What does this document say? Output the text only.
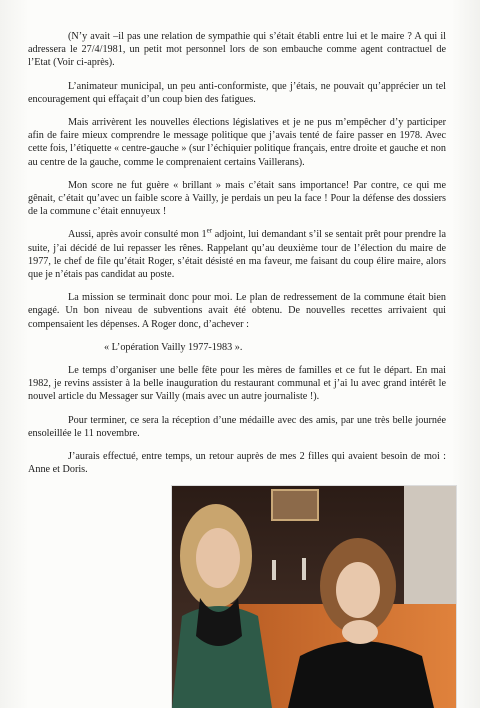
(N’y avait –il pas une relation de sympathie qui s’était établi entre lui et le maire ? A qui il adressera le 27/4/1981, un petit mot personnel lors de son embauche comme agent contractuel de l’Etat (Voir ci-après).

L’animateur municipal, un peu anti-conformiste, que j’étais, ne pouvait qu’apprécier un tel encouragement qui effaçait d’un coup bien des fatigues.

Mais arrivèrent les nouvelles élections législatives et je ne pus m’empêcher d’y participer afin de faire mieux comprendre le message politique que j’avais tenté de faire passer en 1978. Avec cette fois, l’étiquette « centre-gauche » (sur l’échiquier politique français, entre droite et gauche et non au centre de la gauche, comme le comprenaient certains Vaillerans).

Mon score ne fut guère « brillant » mais c’était sans importance! Par contre, ce qui me gênait, c’était qu’avec un faible score à Vailly, je perdais un peu la face ! Pour la défense des dossiers de la commune c’était ennuyeux !

Aussi, après avoir consulté mon 1er adjoint, lui demandant s’il se sentait prêt pour prendre la suite, j’ai décidé de lui repasser les rênes. Rappelant qu’au deuxième tour de l’élection du maire de 1977, le chef de file qu’était Roger, s’était désisté en ma faveur, me faisant du coup élire maire, alors que je n’étais pas candidat au poste.

La mission se terminait donc pour moi. Le plan de redressement de la commune était bien engagé. Un bon niveau de subventions avait été obtenu. De nouvelles recettes arrivaient qui compensaient les dépenses. A Roger donc, d’achever :

« L’opération Vailly 1977-1983 ».

Le temps d’organiser une belle fête pour les mères de familles et ce fut le départ. En mai 1982, je revins assister à la belle inauguration du restaurant communal et j’ai lu avec grand intérêt le nouvel article du Messager sur Vailly (mais avec un autre journaliste !).

Pour terminer, ce sera la réception d’une médaille avec des amis, par une très belle journée ensoleillée le 11 novembre.

J’aurais effectué, entre temps, un retour auprès de mes 2 filles qui avaient besoin de moi : Anne et Doris.
